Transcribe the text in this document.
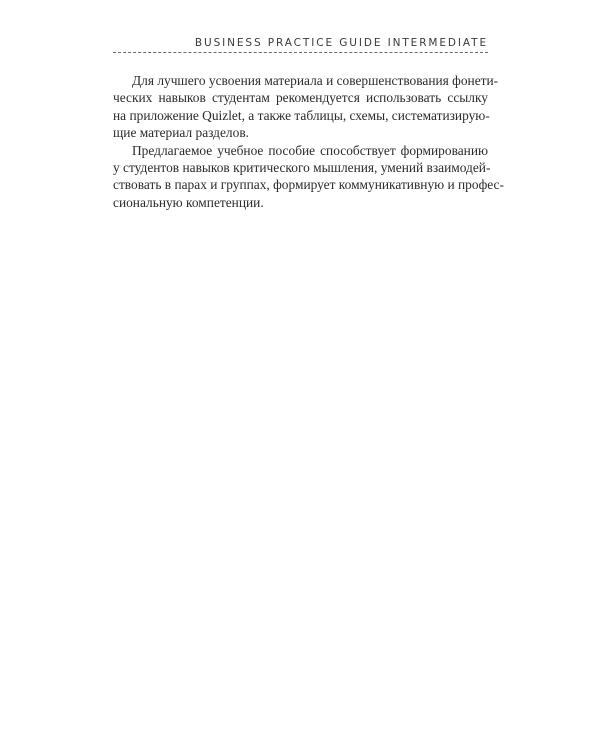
BUSINESS PRACTICE GUIDE INTERMEDIATE

Для лучшего усвоения материала и совершенствования фонети-
ческих навыков студентам рекомендуется использовать ссылку
на приложение Quizlet, а также таблицы, схемы, систематизирую-
щие материал разделов.

Предлагаемое учебное пособие способствует формированию
у студентов навыков критического мышления, умений взаимодей-
ствовать в парах и группах, формирует коммуникативную и профес-
сиональную компетенции.
